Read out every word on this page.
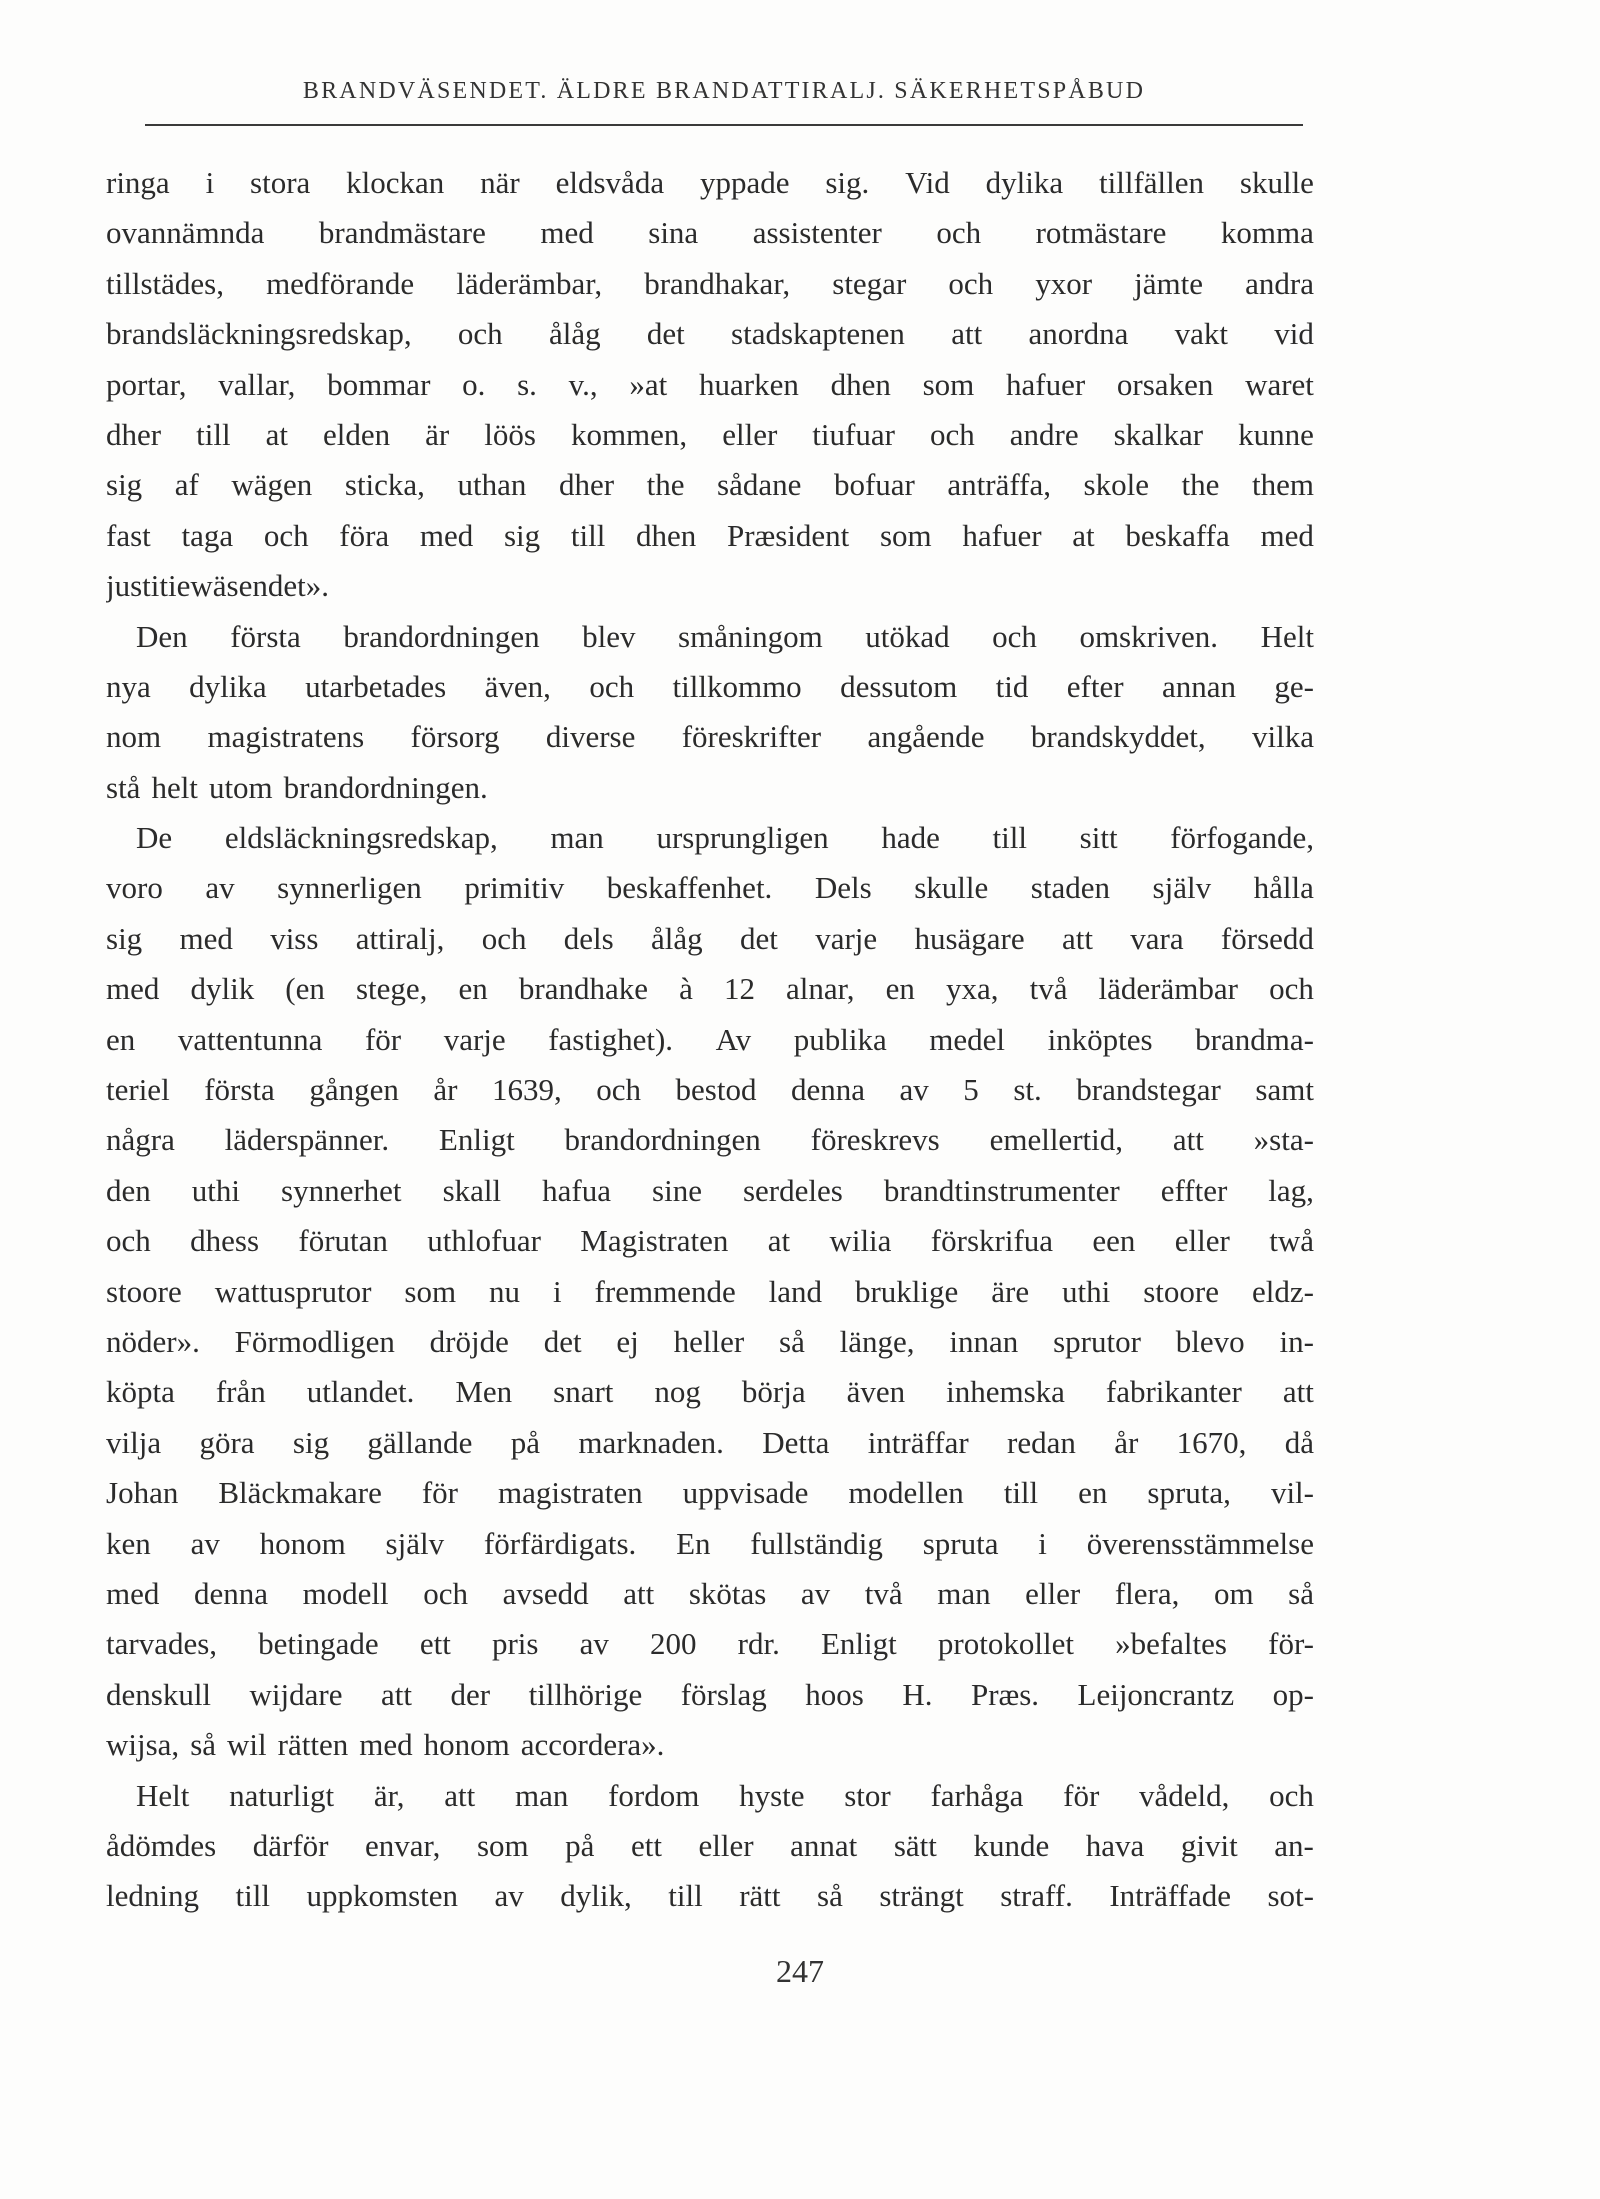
BRANDVÄSENDET. ÄLDRE BRANDATTIRALJ. SÄKERHETSPÅBUD
ringa i stora klockan när eldsvåda yppade sig. Vid dylika tillfällen skulle
ovannämnda brandmästare med sina assistenter och rotmästare komma
tillstädes, medförande läderämbar, brandhakar, stegar och yxor jämte andra
brandsläckningsredskap, och ålåg det stadskaptenen att anordna vakt vid
portar, vallar, bommar o. s. v., »at huarken dhen som hafuer orsaken waret
dher till at elden är löös kommen, eller tiufuar och andre skalkar kunne
sig af wägen sticka, uthan dher the sådane bofuar anträffa, skole the them
fast taga och föra med sig till dhen Præsident som hafuer at beskaffa med
justitiewäsendet».
Den första brandordningen blev småningom utökad och omskriven. Helt
nya dylika utarbetades även, och tillkommo dessutom tid efter annan ge-
nom magistratens försorg diverse föreskrifter angående brandskyddet, vilka
stå helt utom brandordningen.
De eldsläckningsredskap, man ursprungligen hade till sitt förfogande,
voro av synnerligen primitiv beskaffenhet. Dels skulle staden själv hålla
sig med viss attiralj, och dels ålåg det varje husägare att vara försedd
med dylik (en stege, en brandhake à 12 alnar, en yxa, två läderämbar och
en vattentunna för varje fastighet). Av publika medel inköptes brandma-
teriel första gången år 1639, och bestod denna av 5 st. brandstegar samt
några läderspänner. Enligt brandordningen föreskrevs emellertid, att »sta-
den uthi synnerhet skall hafua sine serdeles brandtinstrumenter effter lag,
och dhess förutan uthlofuar Magistraten at wilia förskrifua een eller twå
stoore wattusprutor som nu i fremmende land bruklige äre uthi stoore eldz-
nöder». Förmodligen dröjde det ej heller så länge, innan sprutor blevo in-
köpta från utlandet. Men snart nog börja även inhemska fabrikanter att
vilja göra sig gällande på marknaden. Detta inträffar redan år 1670, då
Johan Bläckmakare för magistraten uppvisade modellen till en spruta, vil-
ken av honom själv förfärdigats. En fullständig spruta i överensstämmelse
med denna modell och avsedd att skötas av två man eller flera, om så
tarvades, betingade ett pris av 200 rdr. Enligt protokollet »befaltes för-
denskull wijdare att der tillhörige förslag hoos H. Præs. Leijoncrantz op-
wijsa, så wil rätten med honom accordera».
Helt naturligt är, att man fordom hyste stor farhåga för vådeld, och
ådömdes därför envar, som på ett eller annat sätt kunde hava givit an-
ledning till uppkomsten av dylik, till rätt så strängt straff. Inträffade sot-
247
